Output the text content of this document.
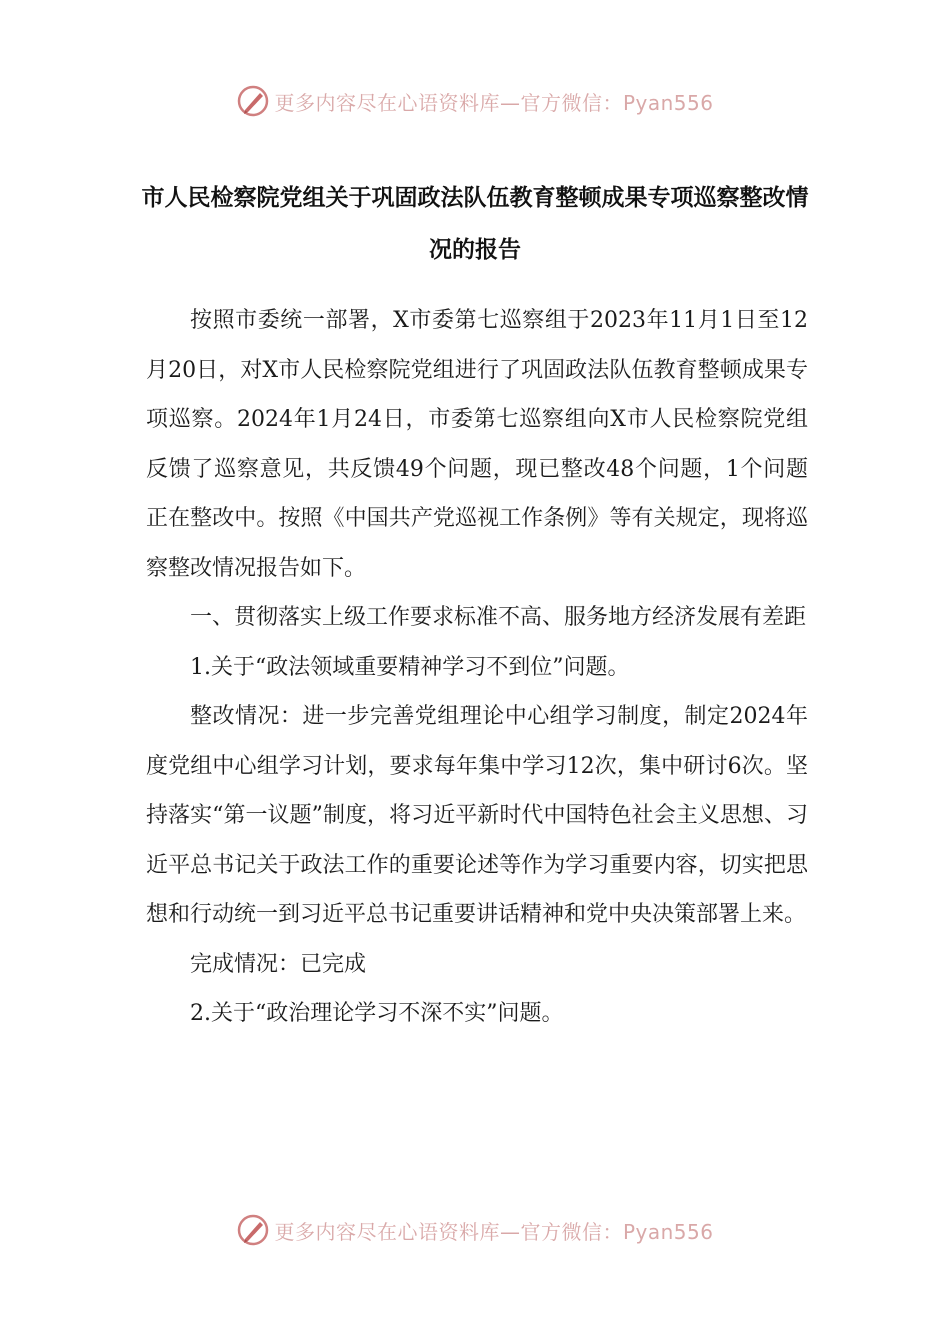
更多内容尽在心语资料库—官方微信：Pyan556
市人民检察院党组关于巩固政法队伍教育整顿成果专项巡察整改情况的报告

按照市委统一部署，X市委第七巡察组于2023年11月1日至12月20日，对X市人民检察院党组进行了巩固政法队伍教育整顿成果专项巡察。2024年1月24日，市委第七巡察组向X市人民检察院党组反馈了巡察意见，共反馈49个问题，现已整改48个问题，1个问题正在整改中。按照《中国共产党巡视工作条例》等有关规定，现将巡察整改情况报告如下。

一、贯彻落实上级工作要求标准不高、服务地方经济发展有差距

1.关于“政法领域重要精神学习不到位”问题。

整改情况：进一步完善党组理论中心组学习制度，制定2024年度党组中心组学习计划，要求每年集中学习12次，集中研讨6次。坚持落实“第一议题”制度，将习近平新时代中国特色社会主义思想、习近平总书记关于政法工作的重要论述等作为学习重要内容，切实把思想和行动统一到习近平总书记重要讲话精神和党中央决策部署上来。

完成情况：已完成

2.关于“政治理论学习不深不实”问题。

更多内容尽在心语资料库—官方微信：Pyan556
